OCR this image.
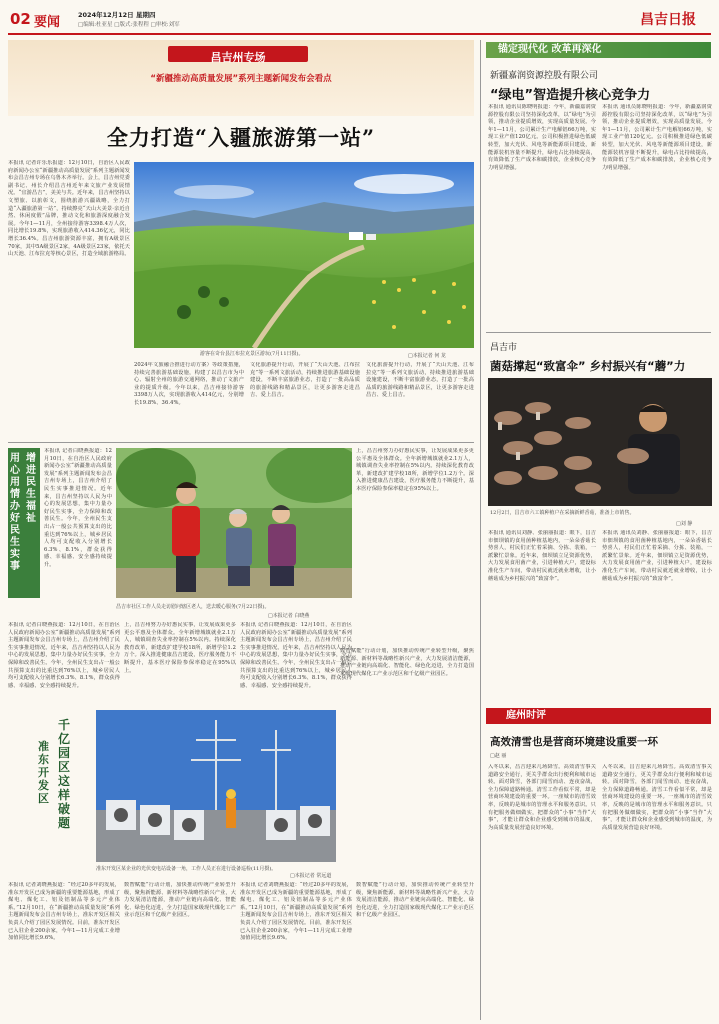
02 要闻	2024年12月12日 星期四
□编辑:杜亚星 □版式:张程程 □审校:刘军	昌吉日报
昌吉州专场
“新疆推动高质量发展”系列主题新闻发布会看点
全力打造“入疆旅游第一站”
本报讯 记者许乐乐报道：12月10日，自治区人民政府新闻办公室“新疆推动高质量发展”系列主题新闻发布会昌吉州专场在乌鲁木齐举行。会上，昌吉州党委副书记、州长介绍昌吉州近年来文旅产业发展情况。“宜游昌吉”，美美与共。近年来，昌吉州坚持以文塑旅、以旅彰文，围绕旅游兴疆战略，全力打造“入疆旅游第一站”，持续擦亮“天山大美景·亲近自然、休闲度假”品牌，推动文化和旅游深度融合发展。今年1—11月，全州接待游客3398.4万人次，同比增长19.8%，实现旅游收入414.36亿元，同比增长36.4%。昌吉州旅游资源丰富，拥有A级景区70家，其中5A级景区2家，4A级景区23家，依托天山天池、江布拉克等核心景区，打造全域旅游格局。
游客在奇台县江布拉克景区游玩(7月11日摄)。
2024年文旅融合推进行动方案）等政策措施，持续完善旅游基础设施，构建了以昌吉市为中心、辐射全州的旅游交通网络，推动了文旅产业的提质升级。今年以来，昌吉州接待游客3398万人次，实现旅游收入414亿元，分别增长19.8%、36.4%。
文化旅游提升行动，开展了“天山天池、江布拉克”等一系列文旅活动，持续推进旅游基础设施建设，不断丰富旅游业态，打造了一批高品质的旅游线路和精品景区，让更多游客走进昌吉、爱上昌吉。
文化旅游提升行动，开展了“天山天池、江布拉克”等一系列文旅活动，持续推进旅游基础设施建设，不断丰富旅游业态，打造了一批高品质的旅游线路和精品景区，让更多游客走进昌吉、爱上昌吉。
□本报记者 何 龙
用心用情办好民生实事
增进民生福祉
昌吉市社区工作人员走访慰问辖区老人，送去暖心服务(7月22日摄)。
□本报记者 白晓燕
本报讯 记者白晓燕报道：12月10日，在自治区人民政府新闻办公室“新疆推动高质量发展”系列主题新闻发布会昌吉州专场上，昌吉州介绍了民生实事推进情况。近年来，昌吉州坚持以人民为中心的发展思想，集中力量办好民生实事，全力保障和改善民生。今年，全州民生支出占一般公共预算支出的比重达到76%以上，城乡居民人均可支配收入分别增长6.3%、8.1%，群众获得感、幸福感、安全感持续提升。
上，昌吉州努力办好惠民实事，让发展成果更多更公平惠及全体群众。全年新增城镇就业2.1万人，城镇调查失业率控制在5%以内。持续深化教育改革，新建改扩建学校18所，新增学位1.2万个。深入推进健康昌吉建设，医疗服务能力不断提升，基本医疗保险参保率稳定在95%以上。
本报讯 记者白晓燕报道：12月10日，在自治区人民政府新闻办公室“新疆推动高质量发展”系列主题新闻发布会昌吉州专场上，昌吉州介绍了民生实事推进情况。近年来，昌吉州坚持以人民为中心的发展思想，集中力量办好民生实事，全力保障和改善民生。今年，全州民生支出占一般公共预算支出的比重达到76%以上，城乡居民人均可支配收入分别增长6.3%、8.1%，群众获得感、幸福感、安全感持续提升。
上，昌吉州努力办好惠民实事，让发展成果更多更公平惠及全体群众。全年新增城镇就业2.1万人，城镇调查失业率控制在5%以内。持续深化教育改革，新建改扩建学校18所，新增学位1.2万个。深入推进健康昌吉建设，医疗服务能力不断提升，基本医疗保险参保率稳定在95%以上。
本报讯 记者白晓燕报道：12月10日，在自治区人民政府新闻办公室“新疆推动高质量发展”系列主题新闻发布会昌吉州专场上，昌吉州介绍了民生实事推进情况。近年来，昌吉州坚持以人民为中心的发展思想，集中力量办好民生实事，全力保障和改善民生。今年，全州民生支出占一般公共预算支出的比重达到76%以上，城乡居民人均可支配收入分别增长6.3%、8.1%，群众获得感、幸福感、安全感持续提升。
千亿园区这样破题
准东开发区
准东开发区某企业的光伏变电站设备一角，工作人员正在进行设备巡检(11月摄)。
□本报记者 常远道
数智赋能”行动计划，加快推动传统产业转型升级，聚焦新能源、新材料等战略性新兴产业，大力发展清洁能源，推动产业链向高端化、智能化、绿色化迈进，全力打造国家级现代煤化工产业示范区和千亿级产业园区。
本报讯 记者刘晓燕报道：“经过20多年的发展，准东开发区已成为新疆的重要能源基地，形成了煤电、煤化工、铝及铝制品等多元产业体系。”12月10日，在“新疆推动高质量发展”系列主题新闻发布会昌吉州专场上，准东开发区相关负责人介绍了园区发展情况。目前，准东开发区已入驻企业200余家，今年1—11月完成工业增加值同比增长9.6%。
数智赋能”行动计划，加快推动传统产业转型升级，聚焦新能源、新材料等战略性新兴产业，大力发展清洁能源，推动产业链向高端化、智能化、绿色化迈进，全力打造国家级现代煤化工产业示范区和千亿级产业园区。
本报讯 记者刘晓燕报道：“经过20多年的发展，准东开发区已成为新疆的重要能源基地，形成了煤电、煤化工、铝及铝制品等多元产业体系。”12月10日，在“新疆推动高质量发展”系列主题新闻发布会昌吉州专场上，准东开发区相关负责人介绍了园区发展情况。目前，准东开发区已入驻企业200余家，今年1—11月完成工业增加值同比增长9.6%。
数智赋能”行动计划，加快推动传统产业转型升级，聚焦新能源、新材料等战略性新兴产业，大力发展清洁能源，推动产业链向高端化、智能化、绿色化迈进，全力打造国家级现代煤化工产业示范区和千亿级产业园区。
锚定现代化 改革再深化
新疆嘉润资源控股有限公司
“绿电”智造提升核心竞争力
本报讯 通讯员陈晓明报道：今年，新疆嘉润资源控股有限公司坚持深化改革，以“绿电”为引领，推动企业提质增效，实现高质量发展。今年1—11月，公司累计生产电解铝66万吨，实现工业产值120亿元。公司积极推进绿色低碳转型，加大光伏、风电等新能源项目建设，新能源装机容量不断提升，绿电占比持续提高，有效降低了生产成本和碳排放，企业核心竞争力明显增强。
本报讯 通讯员陈晓明报道：今年，新疆嘉润资源控股有限公司坚持深化改革，以“绿电”为引领，推动企业提质增效，实现高质量发展。今年1—11月，公司累计生产电解铝66万吨，实现工业产值120亿元。公司积极推进绿色低碳转型，加大光伏、风电等新能源项目建设，新能源装机容量不断提升，绿电占比持续提高，有效降低了生产成本和碳排放，企业核心竞争力明显增强。
昌吉市
菌菇撑起“致富伞” 乡村振兴有“蘑”力
12月2日，昌吉市六工镇种植户在采摘新鲜香菇，准备上市销售。
□刘 静
本报讯 通讯员刘静、张丽丽报道：眼下，昌吉市佃坝镇的食用菌种植基地内，一朵朵香菇长势喜人，村民们正忙着采摘、分拣、装箱，一派繁忙景象。近年来，佃坝镇立足资源优势，大力发展食用菌产业，引进种植大户，建设标准化生产车间，带动村民就近就业增收，让小蘑菇成为乡村振兴的“致富伞”。
本报讯 通讯员刘静、张丽丽报道：眼下，昌吉市佃坝镇的食用菌种植基地内，一朵朵香菇长势喜人，村民们正忙着采摘、分拣、装箱，一派繁忙景象。近年来，佃坝镇立足资源优势，大力发展食用菌产业，引进种植大户，建设标准化生产车间，带动村民就近就业增收，让小蘑菇成为乡村振兴的“致富伞”。
庭州时评
高效清雪也是营商环境建设重要一环
□赵 丽
入冬以来，昌吉迎来几场降雪。高效清雪事关道路安全通行，更关乎群众出行便利和城市运转。面对降雪，各部门闻雪而动、连夜奋战，全力保障道路畅通。清雪工作看似平常，却是营商环境建设的重要一环。一座城市的清雪效率，反映的是城市的管理水平和服务意识。只有把服务做细做实，把群众的“小事”当作“大事”，才能让群众和企业感受到城市的温度，为高质量发展营造良好环境。
入冬以来，昌吉迎来几场降雪。高效清雪事关道路安全通行，更关乎群众出行便利和城市运转。面对降雪，各部门闻雪而动、连夜奋战，全力保障道路畅通。清雪工作看似平常，却是营商环境建设的重要一环。一座城市的清雪效率，反映的是城市的管理水平和服务意识。只有把服务做细做实，把群众的“小事”当作“大事”，才能让群众和企业感受到城市的温度，为高质量发展营造良好环境。
